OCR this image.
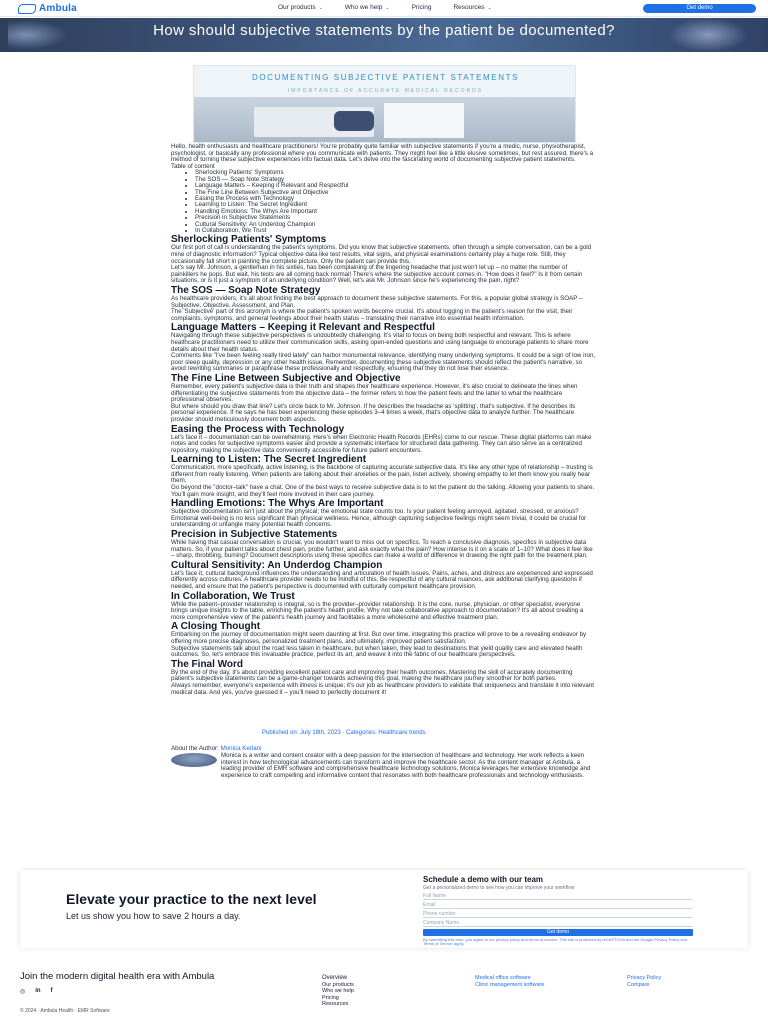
Ambula	Our products ⌄	Who we help ⌄	Pricing	Resources ⌄	Get demo
How should subjective statements by the patient be documented?
DOCUMENTING SUBJECTIVE PATIENT STATEMENTS
IMPORTANCE OF ACCURATE MEDICAL RECORDS

Hello, health enthusiasts and healthcare practitioners! You're probably quite familiar with subjective statements if you're a medic, nurse, physiotherapist, psychologist, or basically any professional where you communicate with patients. They might feel like a little elusive sometimes, but rest assured, there's a method of turning these subjective experiences into factual data. Let's delve into the fascinating world of documenting subjective patient statements.

Table of content
• Sherlocking Patients' Symptoms
• The SOS — Soap Note Strategy
• Language Matters – Keeping it Relevant and Respectful
• The Fine Line Between Subjective and Objective
• Easing the Process with Technology
• Learning to Listen: The Secret Ingredient
• Handling Emotions: The Whys Are Important
• Precision in Subjective Statements
• Cultural Sensitivity: An Underdog Champion
• In Collaboration, We Trust
Sherlocking Patients' Symptoms

Our first port of call is understanding the patient's symptoms. Did you know that subjective statements, often through a simple conversation, can be a gold mine of diagnostic information? Typical objective data like test results, vital signs, and physical examinations certainly play a huge role. Still, they occasionally fall short in painting the complete picture. Only the patient can provide this.

Let's say Mr. Johnson, a gentleman in his sixties, has been complaining of the lingering headache that just won't let up – no matter the number of painkillers he pops. But wait, his tests are all coming back normal! There's where the subjective account comes in. "How does it feel?" Is it from certain situations, or is it just a symptom of an underlying condition? Well, let's ask Mr. Johnson since he's experiencing the pain, right?

The SOS — Soap Note Strategy

As healthcare providers, it's all about finding the best approach to document these subjective statements. For this, a popular global strategy is SOAP – Subjective, Objective, Assessment, and Plan.

The 'Subjective' part of this acronym is where the patient's spoken words become crucial. It's about logging in the patient's reason for the visit, their complaints, symptoms, and general feelings about their health status – translating their narrative into essential health information.

Language Matters – Keeping it Relevant and Respectful

Navigating through these subjective perspectives is undoubtedly challenging. It's vital to focus on being both respectful and relevant. This is where healthcare practitioners need to utilize their communication skills, asking open-ended questions and using language to encourage patients to share more details about their health status.

Comments like "I've been feeling really tired lately" can harbor monumental relevance, identifying many underlying symptoms. It could be a sign of low iron, poor sleep quality, depression or any other health issue. Remember, documenting these subjective statements should reflect the patient's narrative, so avoid rewriting summaries or paraphrase these professionally and respectfully, ensuring that they do not lose their essence.

The Fine Line Between Subjective and Objective

Remember, every patient's subjective data is their truth and shapes their healthcare experience. However, it's also crucial to delineate the lines when differentiating the subjective statements from the objective data – the former refers to how the patient feels and the latter to what the healthcare professional observes.

But where should you draw that line? Let's circle back to Mr. Johnson. If he describes the headache as 'splitting', that's subjective. If he describes its personal experience. If he says he has been experiencing these episodes 3–4 times a week, that's objective data to analyze further. The healthcare provider should meticulously document both aspects.

Easing the Process with Technology

Let's face it – documentation can be overwhelming. Here's when Electronic Health Records (EHRs) come to our rescue. These digital platforms can make notes and codes for subjective symptoms easier and provide a systematic interface for structured data gathering. They can also serve as a centralized repository, making the subjective data conveniently accessible for future patient encounters.

Learning to Listen: The Secret Ingredient

Communication, more specifically, active listening, is the backbone of capturing accurate subjective data. It's like any other type of relationship – trusting is different from really listening. When patients are talking about their anxieties or the pain, listen actively, showing empathy to let them know you really hear them.

Go beyond the "doctor–talk" have a chat. One of the best ways to receive subjective data is to let the patient do the talking. Allowing your patients to share. You'll gain more insight, and they'll feel more involved in their care journey.

Handling Emotions: The Whys Are Important

Subjective documentation isn't just about the physical; the emotional state counts too. Is your patient feeling annoyed, agitated, stressed, or anxious? Emotional well-being is no less significant than physical wellness. Hence, although capturing subjective feelings might seem trivial, it could be crucial for understanding or untangle many potential health concerns.

Precision in Subjective Statements

While having that casual conversation is crucial, you wouldn't want to miss out on specifics. To reach a conclusive diagnosis, specifics in subjective data matters. So, if your patient talks about chest pain, probe further, and ask exactly what the pain? How intense is it on a scale of 1–10? What does it feel like – sharp, throbbing, burning? Document descriptions using these specifics can make a world of difference in drawing the right path for the treatment plan.

Cultural Sensitivity: An Underdog Champion

Let's face it, cultural background influences the understanding and articulation of health issues. Pains, aches, and distress are experienced and expressed differently across cultures. A healthcare provider needs to be mindful of this. Be respectful of any cultural nuances, ask additional clarifying questions if needed, and ensure that the patient's perspective is documented with culturally competent healthcare provision.

In Collaboration, We Trust

While the patient–provider relationship is integral, so is the provider–provider relationship. It is the core, nurse, physician, or other specialist, everyone brings unique insights to the table, enriching the patient's health profile. Why not take collaborative approach to documentation? It's all about creating a more comprehensive view of the patient's health journey and facilitates a more wholesome and effective treatment plan.

A Closing Thought

Embarking on the journey of documentation might seem daunting at first. But over time, integrating this practice will prove to be a revealing endeavor by offering more precise diagnoses, personalized treatment plans, and ultimately, improved patient satisfaction.

Subjective statements talk about the road less taken in healthcare, but when taken, they lead to destinations that yield quality care and elevated health outcomes. So, let's embrace this invaluable practice, perfect its art, and weave it into the fabric of our healthcare perspectives.

The Final Word

By the end of the day, it's about providing excellent patient care and improving their health outcomes. Mastering the skill of accurately documenting patient's subjective statements can be a game-changer towards achieving this goal, making the healthcare journey smoother for both parties.

Always remember, everyone's experience with illness is unique; it's our job as healthcare providers to validate that uniqueness and translate it into relevant medical data. And yes, you've guessed it – you'll need to perfectly document it!

Published on: July 18th, 2023 · Categories: Healthcare trends
About the Author: Monica Kerlani
Monica is a writer and content creator with a deep passion for the intersection of healthcare and technology. Her work reflects a keen interest in how technological advancements can transform and improve the healthcare sector. As the content manager at Ambula, a leading provider of EMR software and comprehensive healthcare technology solutions, Monica leverages her extensive knowledge and experience to craft compelling and informative content that resonates with both healthcare professionals and technology enthusiasts.
Elevate your practice to the next level
Let us show you how to save 2 hours a day.
Schedule a demo with our team
Get a personalized demo to see how you can improve your workflow
Full Name
Email
Phone number
Company Name
Get demo
By submitting this form, you agree to our privacy policy and terms of service. This site is protected by reCAPTCHA and the Google Privacy Policy and Terms of Service apply.
Join the modern digital health era with Ambula
◎ in f
Overview
Our products
Who we help
Pricing
Resources
Medical office software
Clinic management software
Privacy Policy
Compare
© 2024 · Ambula Health · EMR Software
